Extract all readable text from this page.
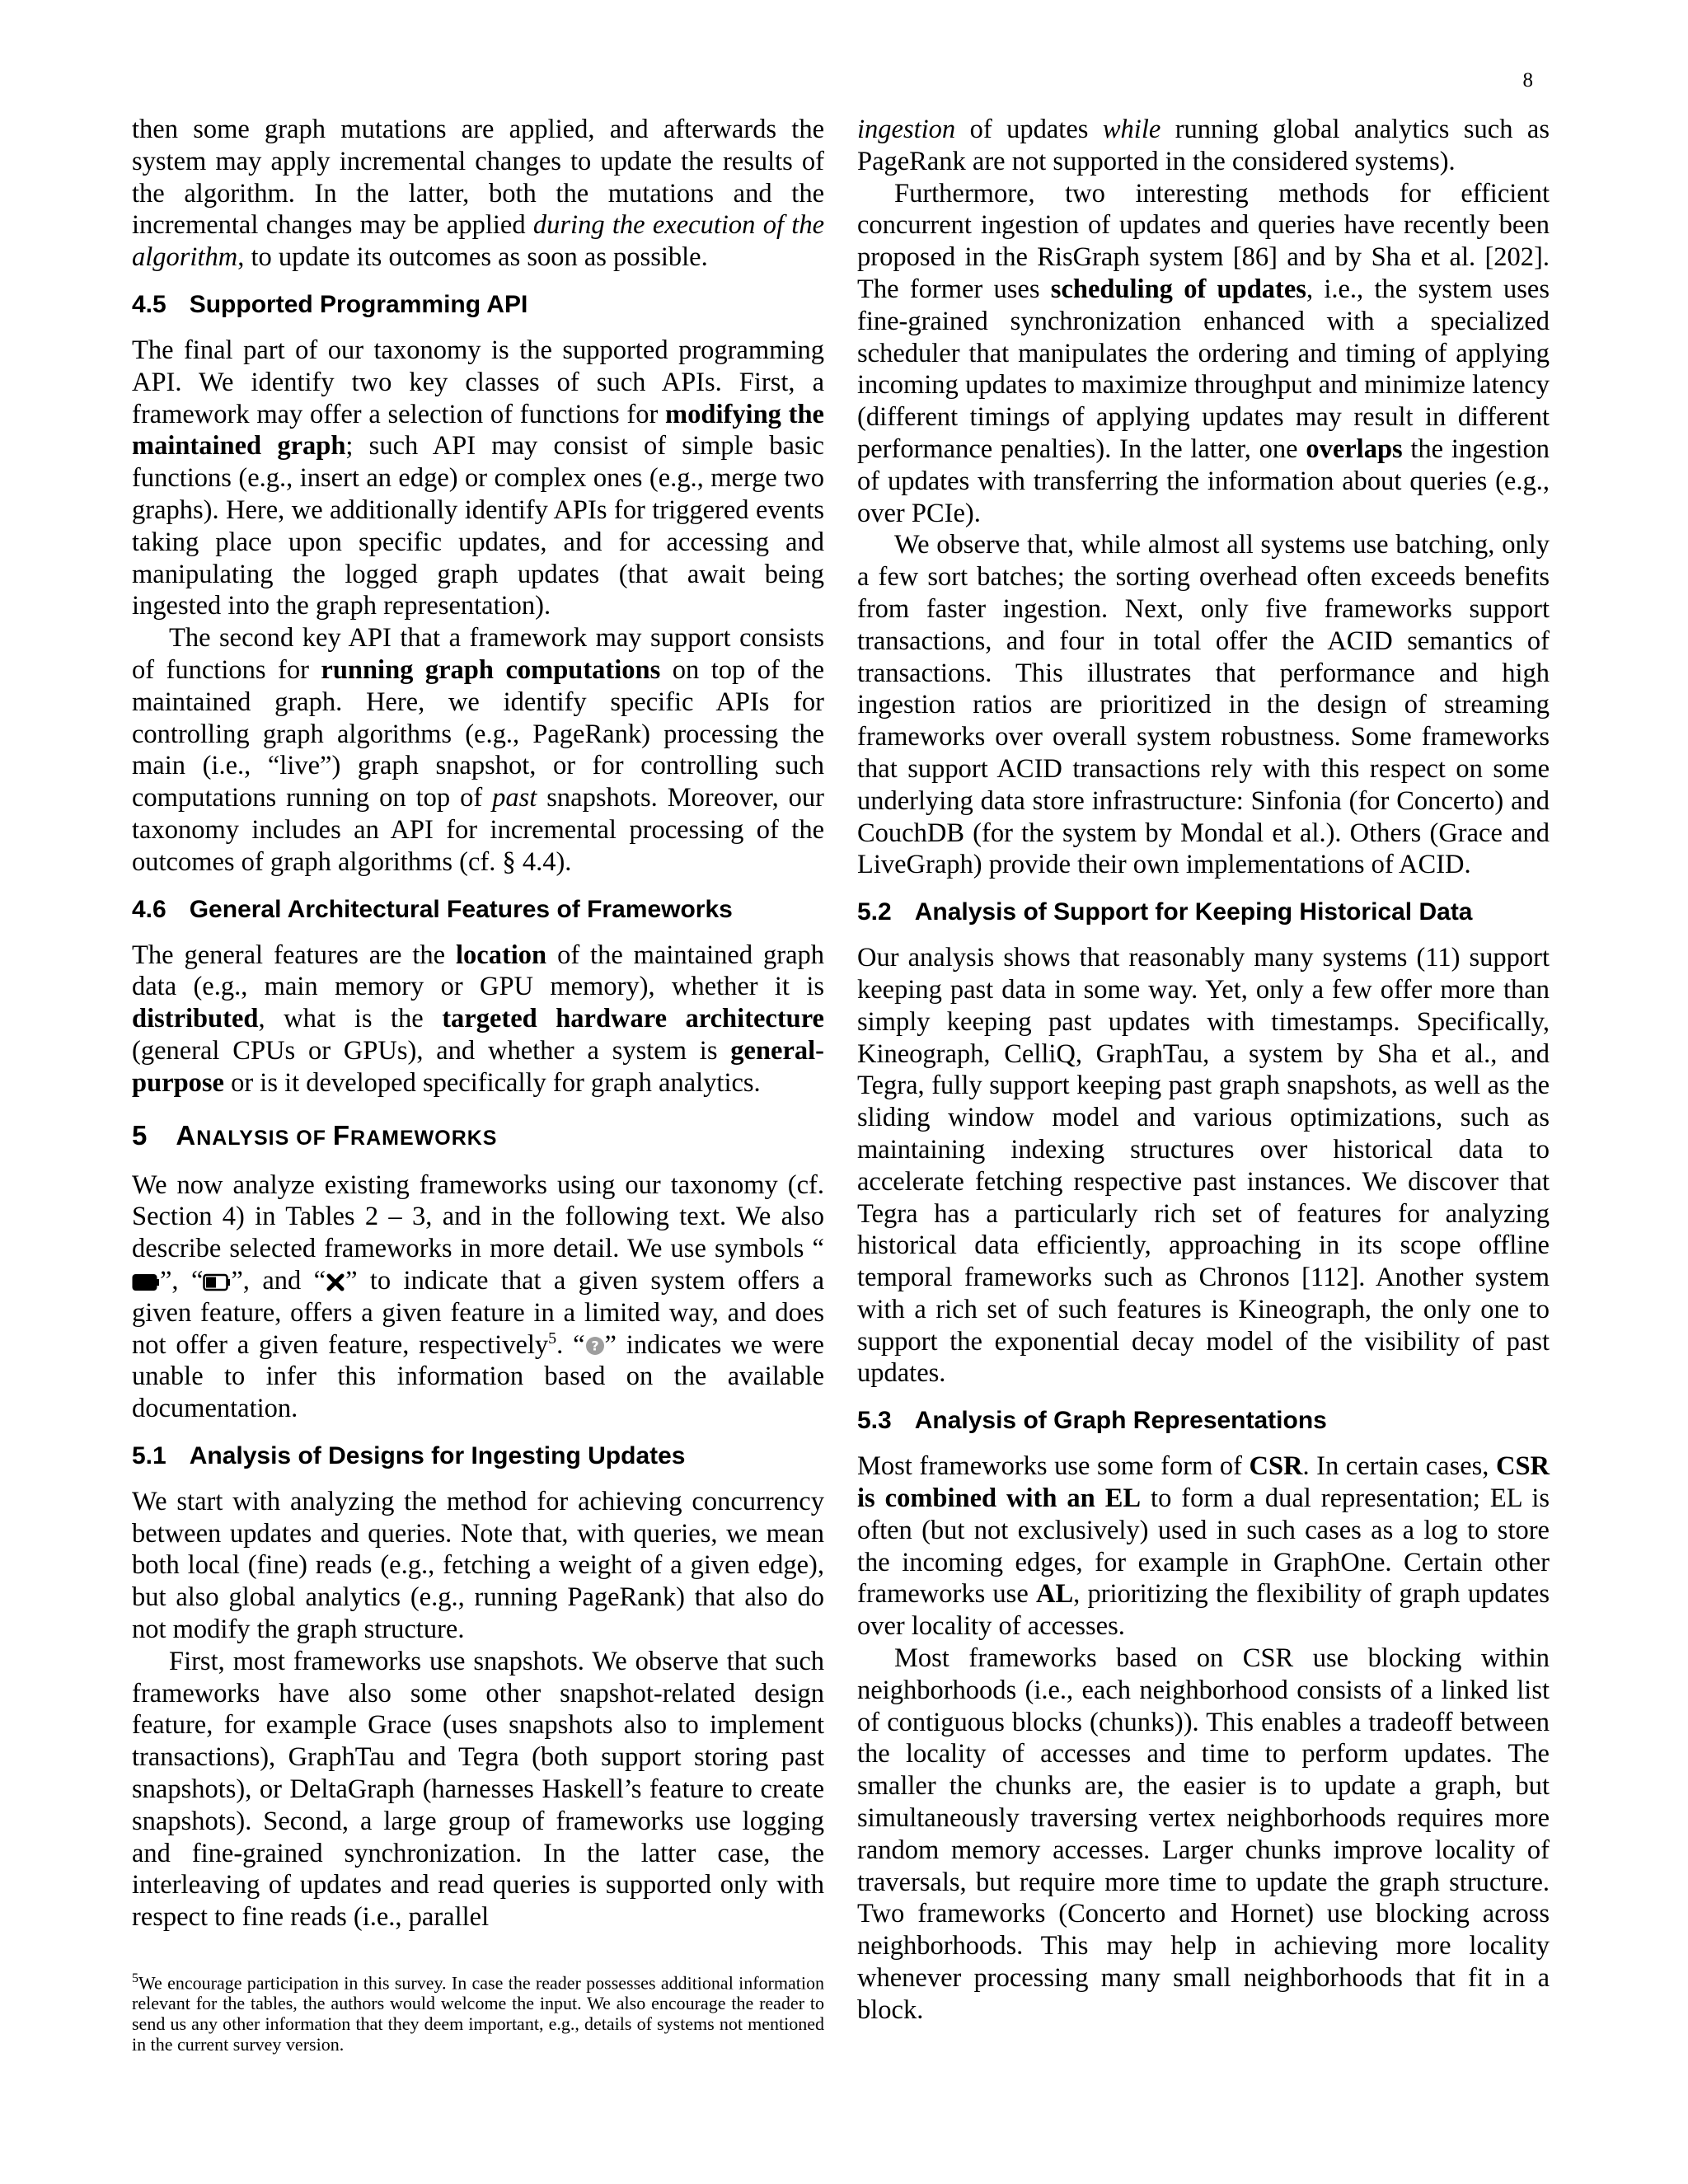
8

then some graph mutations are applied, and afterwards the system may apply incremental changes to update the results of the algorithm. In the latter, both the mutations and the incremental changes may be applied during the execution of the algorithm, to update its outcomes as soon as possible.

4.5 Supported Programming API

The final part of our taxonomy is the supported programming API. We identify two key classes of such APIs. First, a framework may offer a selection of functions for modifying the maintained graph; such API may consist of simple basic functions (e.g., insert an edge) or complex ones (e.g., merge two graphs). Here, we additionally identify APIs for triggered events taking place upon specific updates, and for accessing and manipulating the logged graph updates (that await being ingested into the graph representation).

The second key API that a framework may support consists of functions for running graph computations on top of the maintained graph. Here, we identify specific APIs for controlling graph algorithms (e.g., PageRank) processing the main (i.e., “live”) graph snapshot, or for controlling such computations running on top of past snapshots. Moreover, our taxonomy includes an API for incremental processing of the outcomes of graph algorithms (cf. § 4.4).

4.6 General Architectural Features of Frameworks

The general features are the location of the maintained graph data (e.g., main memory or GPU memory), whether it is distributed, what is the targeted hardware architecture (general CPUs or GPUs), and whether a system is general-purpose or is it developed specifically for graph analytics.

5 ANALYSIS OF FRAMEWORKS

We now analyze existing frameworks using our taxonomy (cf. Section 4) in Tables 2 – 3, and in the following text. We also describe selected frameworks in more detail. We use symbols “”, “ ”, and “ ” to indicate that a given system offers a given feature, offers a given feature in a limited way, and does not offer a given feature, respectively$^5$. “ ? ” indicates we were unable to infer this information based on the available documentation.

5.1 Analysis of Designs for Ingesting Updates

We start with analyzing the method for achieving concurrency between updates and queries. Note that, with queries, we mean both local (fine) reads (e.g., fetching a weight of a given edge), but also global analytics (e.g., running PageRank) that also do not modify the graph structure.

First, most frameworks use snapshots. We observe that such frameworks have also some other snapshot-related design feature, for example Grace (uses snapshots also to implement transactions), GraphTau and Tegra (both support storing past snapshots), or DeltaGraph (harnesses Haskell’s feature to create snapshots). Second, a large group of frameworks use logging and fine-grained synchronization. In the latter case, the interleaving of updates and read queries is supported only with respect to fine reads (i.e., parallel

$^5$We encourage participation in this survey. In case the reader possesses additional information relevant for the tables, the authors would welcome the input. We also encourage the reader to send us any other information that they deem important, e.g., details of systems not mentioned in the current survey version.

ingestion of updates while running global analytics such as PageRank are not supported in the considered systems).

Furthermore, two interesting methods for efficient concurrent ingestion of updates and queries have recently been proposed in the RisGraph system [86] and by Sha et al. [202]. The former uses scheduling of updates, i.e., the system uses fine-grained synchronization enhanced with a specialized scheduler that manipulates the ordering and timing of applying incoming updates to maximize throughput and minimize latency (different timings of applying updates may result in different performance penalties). In the latter, one overlaps the ingestion of updates with transferring the information about queries (e.g., over PCIe).

We observe that, while almost all systems use batching, only a few sort batches; the sorting overhead often exceeds benefits from faster ingestion. Next, only five frameworks support transactions, and four in total offer the ACID semantics of transactions. This illustrates that performance and high ingestion ratios are prioritized in the design of streaming frameworks over overall system robustness. Some frameworks that support ACID transactions rely with this respect on some underlying data store infrastructure: Sinfonia (for Concerto) and CouchDB (for the system by Mondal et al.). Others (Grace and LiveGraph) provide their own implementations of ACID.

5.2 Analysis of Support for Keeping Historical Data

Our analysis shows that reasonably many systems (11) support keeping past data in some way. Yet, only a few offer more than simply keeping past updates with timestamps. Specifically, Kineograph, CelliQ, GraphTau, a system by Sha et al., and Tegra, fully support keeping past graph snapshots, as well as the sliding window model and various optimizations, such as maintaining indexing structures over historical data to accelerate fetching respective past instances. We discover that Tegra has a particularly rich set of features for analyzing historical data efficiently, approaching in its scope offline temporal frameworks such as Chronos [112]. Another system with a rich set of such features is Kineograph, the only one to support the exponential decay model of the visibility of past updates.

5.3 Analysis of Graph Representations

Most frameworks use some form of CSR. In certain cases, CSR is combined with an EL to form a dual representation; EL is often (but not exclusively) used in such cases as a log to store the incoming edges, for example in GraphOne. Certain other frameworks use AL, prioritizing the flexibility of graph updates over locality of accesses.

Most frameworks based on CSR use blocking within neighborhoods (i.e., each neighborhood consists of a linked list of contiguous blocks (chunks)). This enables a tradeoff between the locality of accesses and time to perform updates. The smaller the chunks are, the easier is to update a graph, but simultaneously traversing vertex neighborhoods requires more random memory accesses. Larger chunks improve locality of traversals, but require more time to update the graph structure. Two frameworks (Concerto and Hornet) use blocking across neighborhoods. This may help in achieving more locality whenever processing many small neighborhoods that fit in a block.
